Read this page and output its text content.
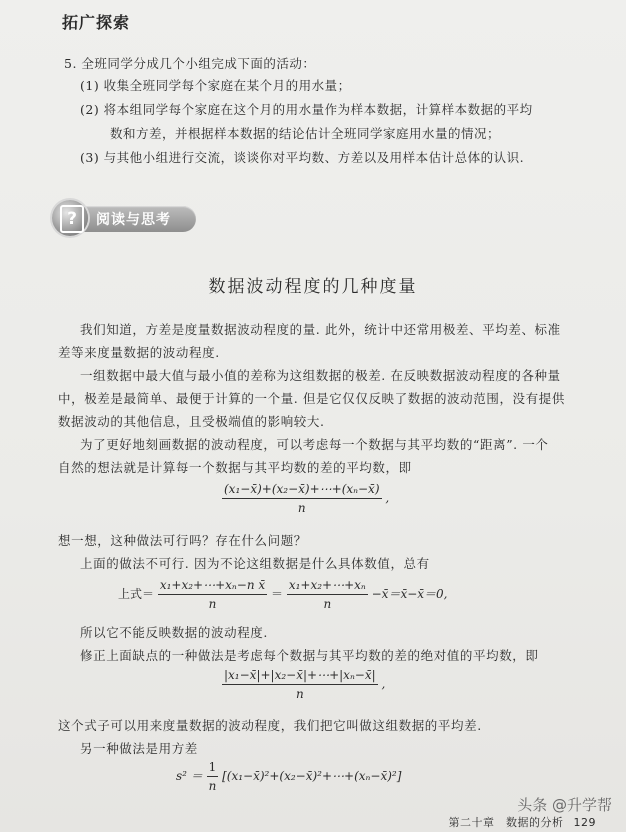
拓广探索
5. 全班同学分成几个小组完成下面的活动：
(1) 收集全班同学每个家庭在某个月的用水量；
(2) 将本组同学每个家庭在这个月的用水量作为样本数据，计算样本数据的平均
数和方差，并根据样本数据的结论估计全班同学家庭用水量的情况；
(3) 与其他小组进行交流，谈谈你对平均数、方差以及用样本估计总体的认识.
?	阅读与思考
数据波动程度的几种度量
我们知道，方差是度量数据波动程度的量. 此外，统计中还常用极差、平均差、标准
差等来度量数据的波动程度.
一组数据中最大值与最小值的差称为这组数据的极差. 在反映数据波动程度的各种量
中，极差是最简单、最便于计算的一个量. 但是它仅仅反映了数据的波动范围，没有提供
数据波动的其他信息，且受极端值的影响较大.
为了更好地刻画数据的波动程度，可以考虑每一个数据与其平均数的“距离”. 一个
自然的想法就是计算每一个数据与其平均数的差的平均数，即
$\frac{\text{(x₁−x̄)+(x₂−x̄)+⋯+(xₙ−x̄)}}{n}$ ,
想一想，这种做法可行吗？存在什么问题？
上面的做法不可行. 因为不论这组数据是什么具体数值，总有
上式＝ $\frac{\text{x₁+x₂+⋯+xₙ−n x̄}}{n} = \frac{\text{x₁+x₂+⋯+xₙ}}{n}$ −x̄＝x̄−x̄＝0,
所以它不能反映数据的波动程度.
修正上面缺点的一种做法是考虑每个数据与其平均数的差的绝对值的平均数，即
$\frac{\text{|x₁−x̄|+|x₂−x̄|+⋯+|xₙ−x̄|}}{n}$ ,
这个式子可以用来度量数据的波动程度，我们把它叫做这组数据的平均差.
另一种做法是用方差
$s^2 = \frac{1}{n}$ [(x₁−x̄)²+(x₂−x̄)²+⋯+(xₙ−x̄)²]
头条 @升学帮
第二十章　数据的分析 129
